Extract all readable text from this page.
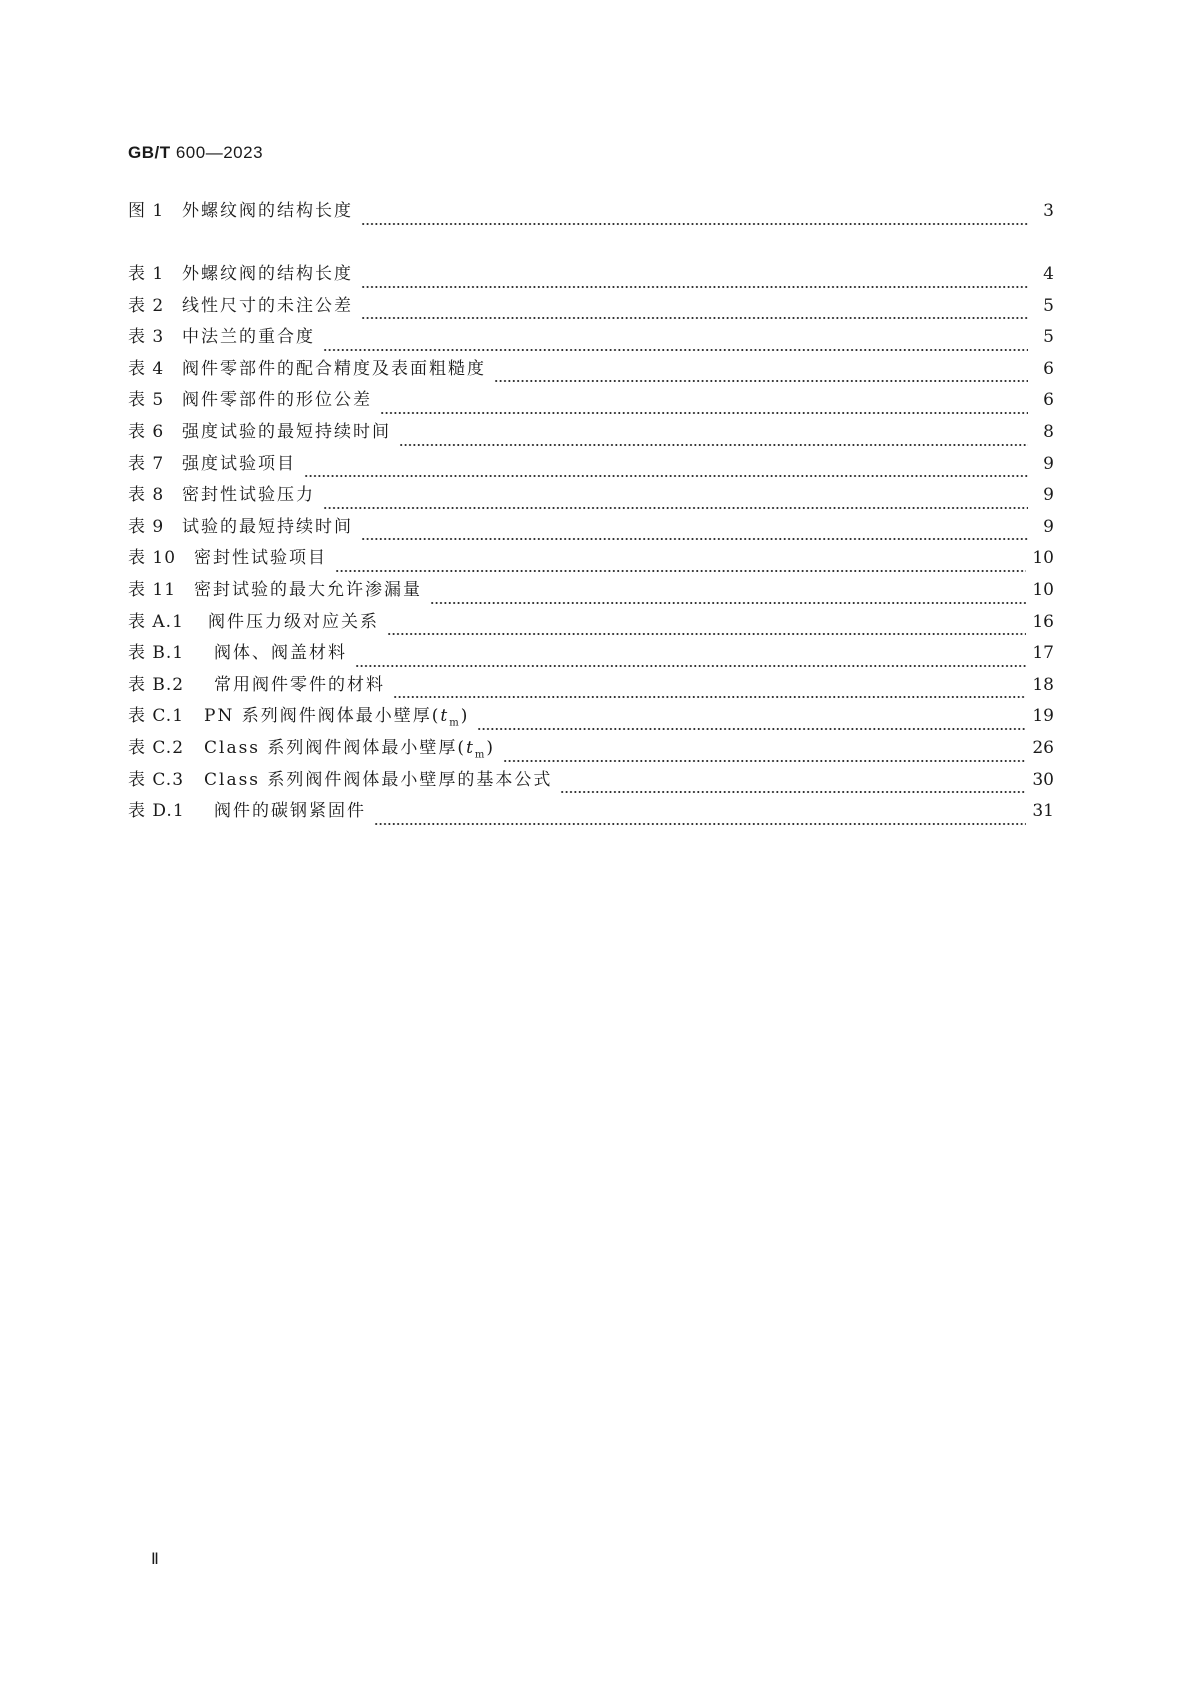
GB/T 600—2023
图 1	外螺纹阀的结构长度	3
表 1	外螺纹阀的结构长度	4
表 2	线性尺寸的未注公差	5
表 3	中法兰的重合度	5
表 4	阀件零部件的配合精度及表面粗糙度	6
表 5	阀件零部件的形位公差	6
表 6	强度试验的最短持续时间	8
表 7	强度试验项目	9
表 8	密封性试验压力	9
表 9	试验的最短持续时间	9
表 10	密封性试验项目	10
表 11	密封试验的最大允许渗漏量	10
表 A.1	阀件压力级对应关系	16
表 B.1	阀体、阀盖材料	17
表 B.2	常用阀件零件的材料	18
表 C.1	PN 系列阀件阀体最小壁厚$(t_m)$	19
表 C.2	Class 系列阀件阀体最小壁厚$(t_m)$	26
表 C.3	Class 系列阀件阀体最小壁厚的基本公式	30
表 D.1	阀件的碳钢紧固件	31
Ⅱ
